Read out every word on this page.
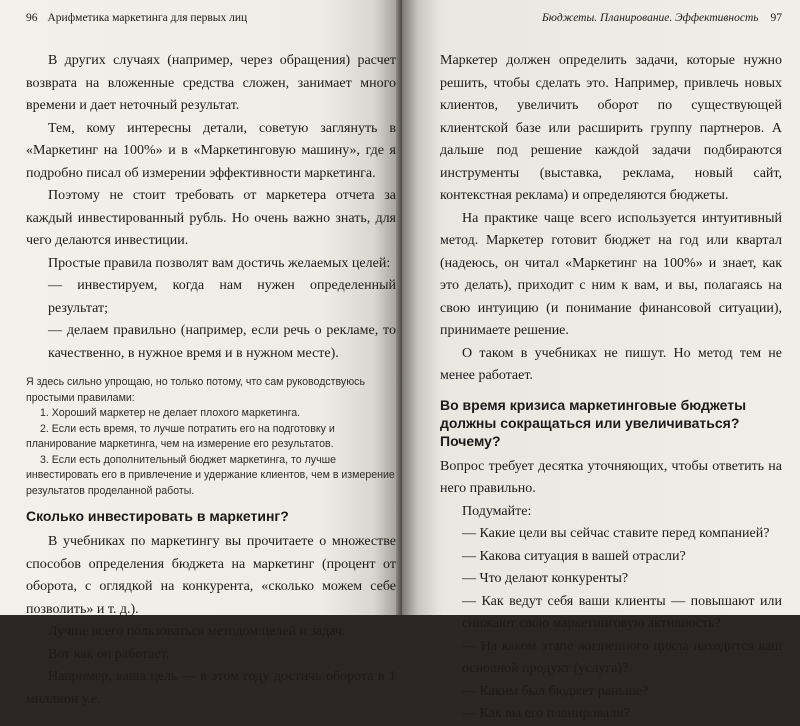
96 Арифметика маркетинга для первых лиц

В других случаях (например, через обращения) расчет возврата на вложенные средства сложен, занимает много времени и дает неточный результат.

Тем, кому интересны детали, советую заглянуть в «Маркетинг на 100%» и в «Маркетинговую машину», где я подробно писал об измерении эффективности маркетинга.

Поэтому не стоит требовать от маркетера отчета за каждый инвестированный рубль. Но очень важно знать, для чего делаются инвестиции.

Простые правила позволят вам достичь желаемых целей:

— инвестируем, когда нам нужен определенный результат;

— делаем правильно (например, если речь о рекламе, то качественно, в нужное время и в нужном месте).

Я здесь сильно упрощаю, но только потому, что сам руководствуюсь простыми правилами:
1. Хороший маркетер не делает плохого маркетинга.
2. Если есть время, то лучше потратить его на подготовку и планирование маркетинга, чем на измерение его результатов.
3. Если есть дополнительный бюджет маркетинга, то лучше инвестировать его в привлечение и удержание клиентов, чем в измерение результатов проделанной работы.
Сколько инвестировать в маркетинг?

В учебниках по маркетингу вы прочитаете о множестве способов определения бюджета на маркетинг (процент от оборота, с оглядкой на конкурента, «сколько можем себе позволить» и т. д.).

Лучше всего пользоваться методом целей и задач.

Вот как он работает.

Например, ваша цель — в этом году достичь оборота в 1 миллион у.е.

Бюджеты. Планирование. Эффективность 97

Маркетер должен определить задачи, которые нужно решить, чтобы сделать это. Например, привлечь новых клиентов, увеличить оборот по существующей клиентской базе или расширить группу партнеров. А дальше под решение каждой задачи подбираются инструменты (выставка, реклама, новый сайт, контекстная реклама) и определяются бюджеты.

На практике чаще всего используется интуитивный метод. Маркетер готовит бюджет на год или квартал (надеюсь, он читал «Маркетинг на 100%» и знает, как это делать), приходит с ним к вам, и вы, полагаясь на свою интуицию (и понимание финансовой ситуации), принимаете решение.

О таком в учебниках не пишут. Но метод тем не менее работает.

Во время кризиса маркетинговые бюджеты должны сокращаться или увеличиваться? Почему?

Вопрос требует десятка уточняющих, чтобы ответить на него правильно.

Подумайте:

— Какие цели вы сейчас ставите перед компанией?

— Какова ситуация в вашей отрасли?

— Что делают конкуренты?

— Как ведут себя ваши клиенты — повышают или снижают свою маркетинговую активность?

— На каком этапе жизненного цикла находится ваш основной продукт (услуга)?

— Каким был бюджет раньше?

— Как вы его планировали?
